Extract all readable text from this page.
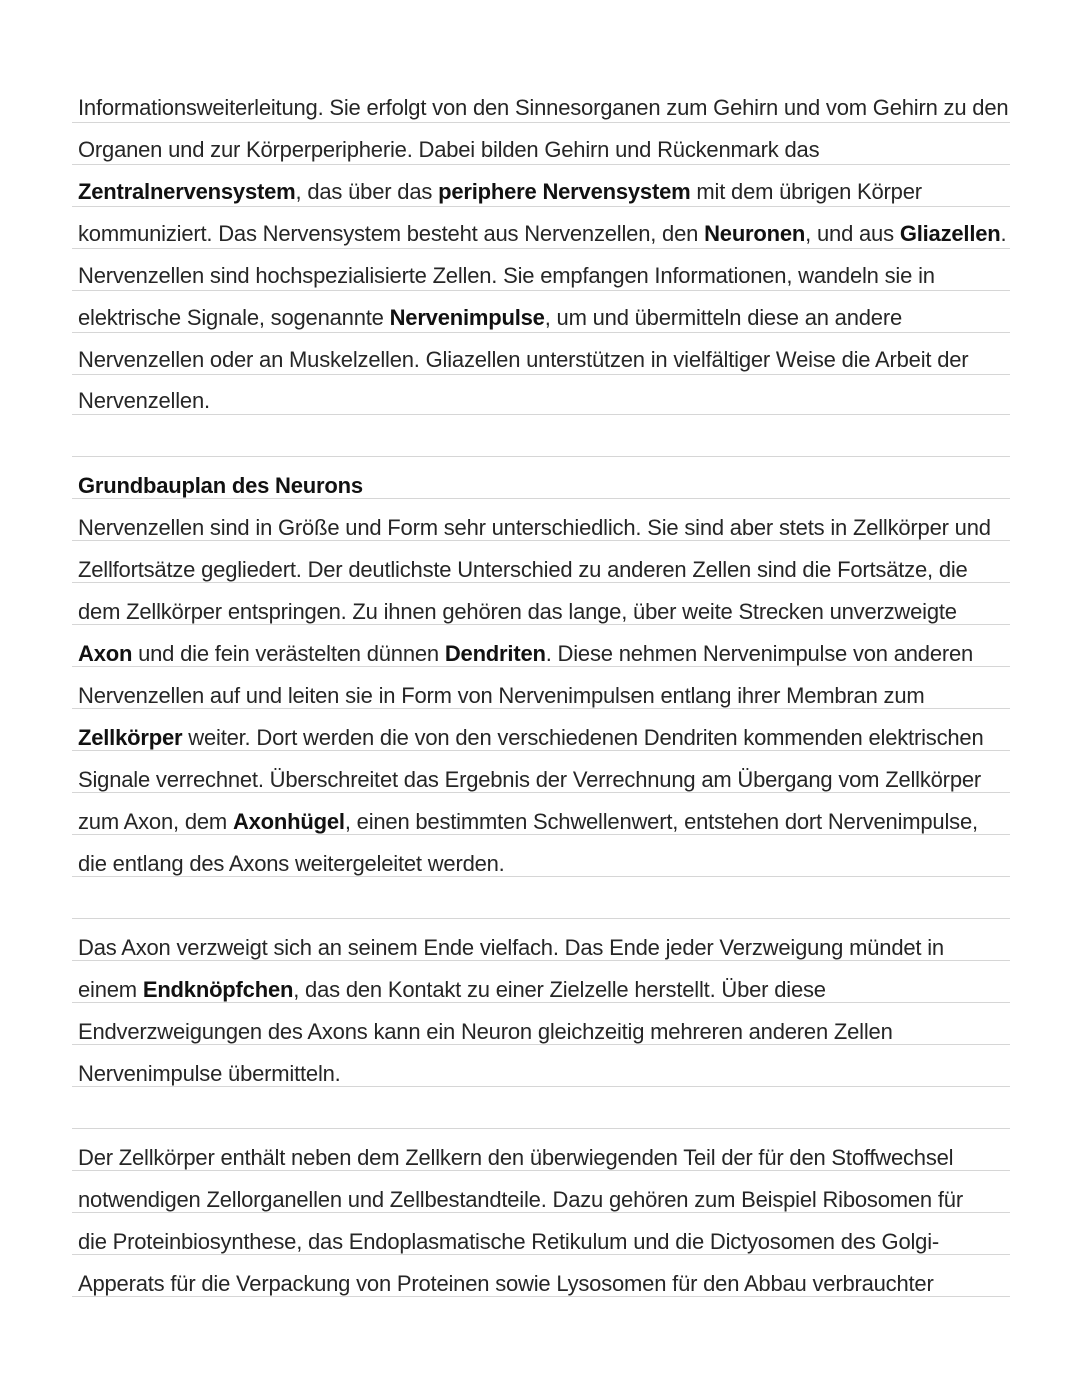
Informationsweiterleitung. Sie erfolgt von den Sinnesorganen zum Gehirn und vom Gehirn zu den
Organen und zur Körperperipherie. Dabei bilden Gehirn und Rückenmark das
Zentralnervensystem, das über das periphere Nervensystem mit dem übrigen Körper
kommuniziert. Das Nervensystem besteht aus Nervenzellen, den Neuronen, und aus Gliazellen.
Nervenzellen sind hochspezialisierte Zellen. Sie empfangen Informationen, wandeln sie in
elektrische Signale, sogenannte Nervenimpulse, um und übermitteln diese an andere
Nervenzellen oder an Muskelzellen. Gliazellen unterstützen in vielfältiger Weise die Arbeit der
Nervenzellen.
Grundbauplan des Neurons
Nervenzellen sind in Größe und Form sehr unterschiedlich. Sie sind aber stets in Zellkörper und
Zellfortsätze gegliedert. Der deutlichste Unterschied zu anderen Zellen sind die Fortsätze, die
dem Zellkörper entspringen. Zu ihnen gehören das lange, über weite Strecken unverzweigte
Axon und die fein verästelten dünnen Dendriten. Diese nehmen Nervenimpulse von anderen
Nervenzellen auf und leiten sie in Form von Nervenimpulsen entlang ihrer Membran zum
Zellkörper weiter. Dort werden die von den verschiedenen Dendriten kommenden elektrischen
Signale verrechnet. Überschreitet das Ergebnis der Verrechnung am Übergang vom Zellkörper
zum Axon, dem Axonhügel, einen bestimmten Schwellenwert, entstehen dort Nervenimpulse,
die entlang des Axons weitergeleitet werden.
Das Axon verzweigt sich an seinem Ende vielfach. Das Ende jeder Verzweigung mündet in
einem Endknöpfchen, das den Kontakt zu einer Zielzelle herstellt. Über diese
Endverzweigungen des Axons kann ein Neuron gleichzeitig mehreren anderen Zellen
Nervenimpulse übermitteln.
Der Zellkörper enthält neben dem Zellkern den überwiegenden Teil der für den Stoffwechsel
notwendigen Zellorganellen und Zellbestandteile. Dazu gehören zum Beispiel Ribosomen für
die Proteinbiosynthese, das Endoplasmatische Retikulum und die Dictyosomen des Golgi-
Apperats für die Verpackung von Proteinen sowie Lysosomen für den Abbau verbrauchter
